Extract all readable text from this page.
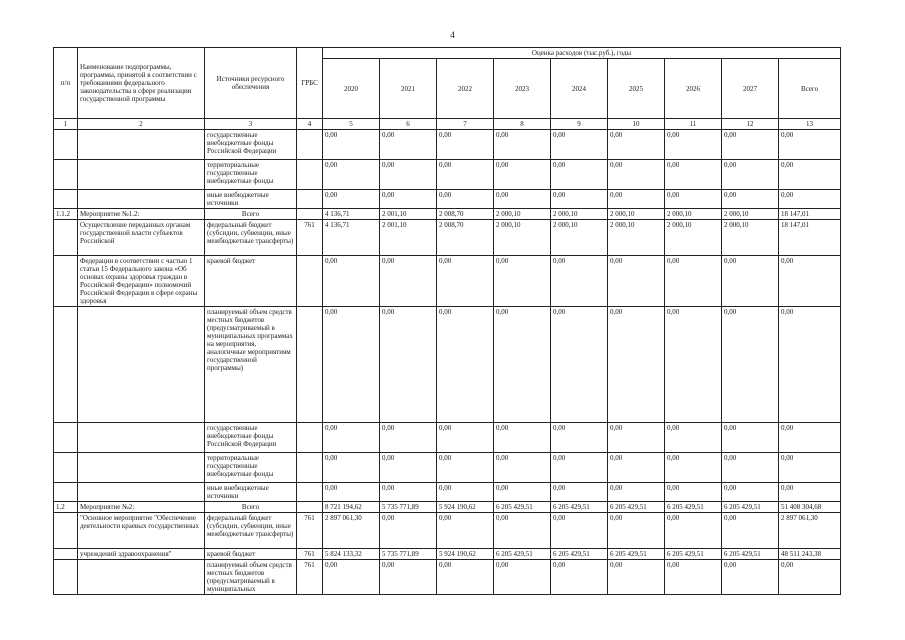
4
п/п	Наименование подпрограммы, программы, принятой в соответствии с требованиями федерального законодательства в сфере реализации государственной программы	Источники ресурсного обеспечения	ГРБС	Оценка расходов (тыс.руб.), годы								
				2020	2021	2022	2023	2024	2025	2026	2027	Всего
1	2	3	4	5	6	7	8	9	10	11	12	13
		государственные внебюджетные фонды Российской Федерации		0,00	0,00	0,00	0,00	0,00	0,00	0,00	0,00	0,00
		территориальные государственные внебюджетные фонды		0,00	0,00	0,00	0,00	0,00	0,00	0,00	0,00	0,00
		иные внебюджетные источники		0,00	0,00	0,00	0,00	0,00	0,00	0,00	0,00	0,00
1.1.2	Мероприятие №1.2:	Всего		4 136,71	2 001,10	2 008,70	2 000,10	2 000,10	2 000,10	2 000,10	2 000,10	18 147,01
	Осуществление переданных органам государственной власти субъектов Российской	федеральный бюджет (субсидии, субвенции, иные межбюджетные трансферты)	761	4 136,71	2 001,10	2 008,70	2 000,10	2 000,10	2 000,10	2 000,10	2 000,10	18 147,01
	Федерации в соответствии с частью 1 статьи 15 Федерального закона «Об основах охраны здоровья граждан в Российской Федерации» полномочий Российской Федерации в сфере охраны здоровья	краевой бюджет		0,00	0,00	0,00	0,00	0,00	0,00	0,00	0,00	0,00
		планируемый объем средств местных бюджетов (предусматриваемый в муниципальных программах на мероприятия, аналогичные мероприятиям государственной программы)		0,00	0,00	0,00	0,00	0,00	0,00	0,00	0,00	0,00
		государственные внебюджетные фонды Российской Федерации		0,00	0,00	0,00	0,00	0,00	0,00	0,00	0,00	0,00
		территориальные государственные внебюджетные фонды		0,00	0,00	0,00	0,00	0,00	0,00	0,00	0,00	0,00
		иные внебюджетные источники		0,00	0,00	0,00	0,00	0,00	0,00	0,00	0,00	0,00
1.2	Мероприятие №2:	Всего		8 721 194,62	5 735 771,89	5 924 190,62	6 205 429,51	6 205 429,51	6 205 429,51	6 205 429,51	6 205 429,51	51 408 304,68
	"Основное мероприятие "Обеспечение деятельности краевых государственных	федеральный бюджет (субсидии, субвенции, иные межбюджетные трансферты)	761	2 897 061,30	0,00	0,00	0,00	0,00	0,00	0,00	0,00	2 897 061,30
	учреждений здравоохранения"	краевой бюджет	761	5 824 133,32	5 735 771,89	5 924 190,62	6 205 429,51	6 205 429,51	6 205 429,51	6 205 429,51	6 205 429,51	48 511 243,38
		планируемый объем средств местных бюджетов (предусматриваемый в муниципальных	761	0,00	0,00	0,00	0,00	0,00	0,00	0,00	0,00	0,00
